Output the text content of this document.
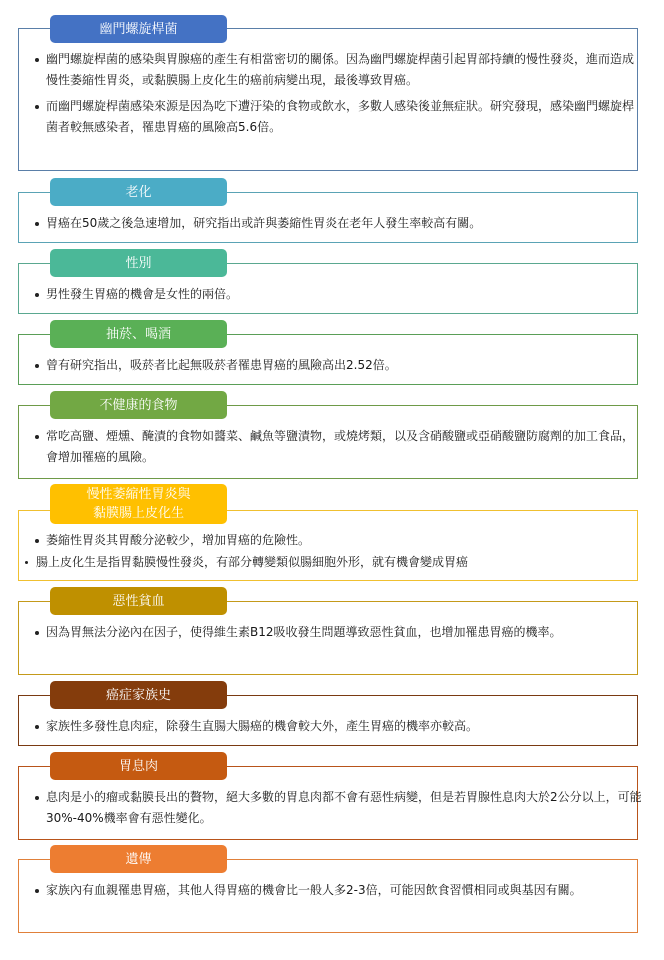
幽門螺旋桿菌
幽門螺旋桿菌的感染與胃腺癌的產生有相當密切的關係。因為幽門螺旋桿菌引起胃部持續的慢性發炎，進而造成慢性萎縮性胃炎，或黏膜腸上皮化生的癌前病變出現，最後導致胃癌。
而幽門螺旋桿菌感染來源是因為吃下遭汙染的食物或飲水，多數人感染後並無症狀。研究發現，感染幽門螺旋桿菌者較無感染者，罹患胃癌的風險高5.6倍。
老化
胃癌在50歲之後急速增加，研究指出或許與萎縮性胃炎在老年人發生率較高有關。
性別
男性發生胃癌的機會是女性的兩倍。
抽菸、喝酒
曾有研究指出，吸菸者比起無吸菸者罹患胃癌的風險高出2.52倍。
不健康的食物
常吃高鹽、煙燻、醃漬的食物如醬菜、鹹魚等鹽漬物，或燒烤類，以及含硝酸鹽或亞硝酸鹽防腐劑的加工食品，會增加罹癌的風險。
慢性萎縮性胃炎與
黏膜腸上皮化生
萎縮性胃炎其胃酸分泌較少，增加胃癌的危險性。
腸上皮化生是指胃黏膜慢性發炎，有部分轉變類似腸細胞外形，就有機會變成胃癌
惡性貧血
因為胃無法分泌內在因子，使得維生素B12吸收發生問題導致惡性貧血，也增加罹患胃癌的機率。
癌症家族史
家族性多發性息肉症，除發生直腸大腸癌的機會較大外，產生胃癌的機率亦較高。
胃息肉
息肉是小的瘤或黏膜長出的贅物，絕大多數的胃息肉都不會有惡性病變，但是若胃腺性息肉大於2公分以上，可能30%-40%機率會有惡性變化。
遺傳
家族內有血親罹患胃癌，其他人得胃癌的機會比一般人多2-3倍，可能因飲食習慣相同或與基因有關。
